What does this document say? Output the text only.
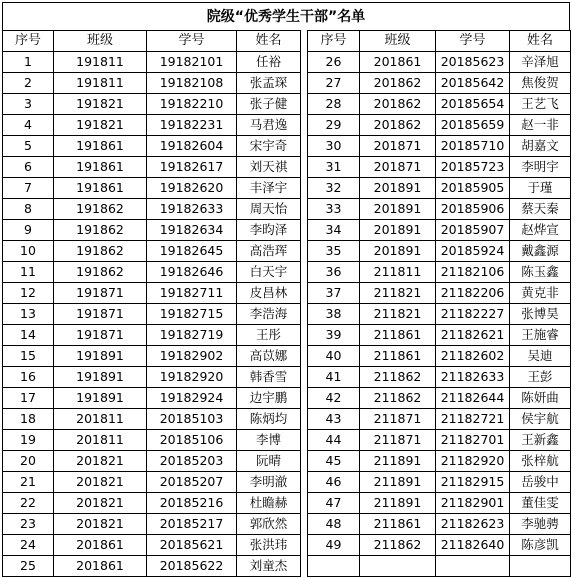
院级“优秀学生干部”名单
序号	班级	学号	姓名		序号	班级	学号	姓名
1	191811	19182101	任裕		26	201861	20185623	辛泽旭
2	191811	19182108	张孟琛		27	201862	20185642	焦俊贺
3	191821	19182210	张子健		28	201862	20185654	王艺飞
4	191821	19182231	马君逸		29	201862	20185659	赵一非
5	191861	19182604	宋宇奇		30	201871	20185710	胡嘉文
6	191861	19182617	刘天祺		31	201871	20185723	李明宇
7	191861	19182620	丰泽宇		32	201891	20185905	于瑾
8	191862	19182633	周天怡		33	201891	20185906	蔡天秦
9	191862	19182634	李昀泽		34	201891	20185907	赵烨宣
10	191862	19182645	高浩珲		35	201891	20185924	戴鑫源
11	191862	19182646	白天宇		36	211811	21182106	陈玉鑫
12	191871	19182711	皮昌林		37	211821	21182206	黄克非
13	191871	19182715	李浩海		38	211821	21182227	张博昊
14	191871	19182719	王彤		39	211861	21182621	王施睿
15	191891	19182902	高苡娜		40	211861	21182602	吴迪
16	191891	19182920	韩香雪		41	211862	21182633	王彭
17	191891	19182924	边宇鹏		42	211862	21182644	陈妍曲
18	201811	20185103	陈炳均		43	211871	21182721	侯宇航
19	201811	20185106	李博		44	211871	21182701	王新鑫
20	201821	20185203	阮晴		45	211891	21182920	张梓航
21	201821	20185207	李明澈		46	211891	21182915	岳骏中
22	201821	20185216	杜瞻赫		47	211891	21182901	董佳雯
23	201821	20185217	郭欣然		48	211861	21182623	李驰骋
24	201861	20185621	张洪玮		49	211862	21182640	陈彦凯
25	201861	20185622	刘童杰					
